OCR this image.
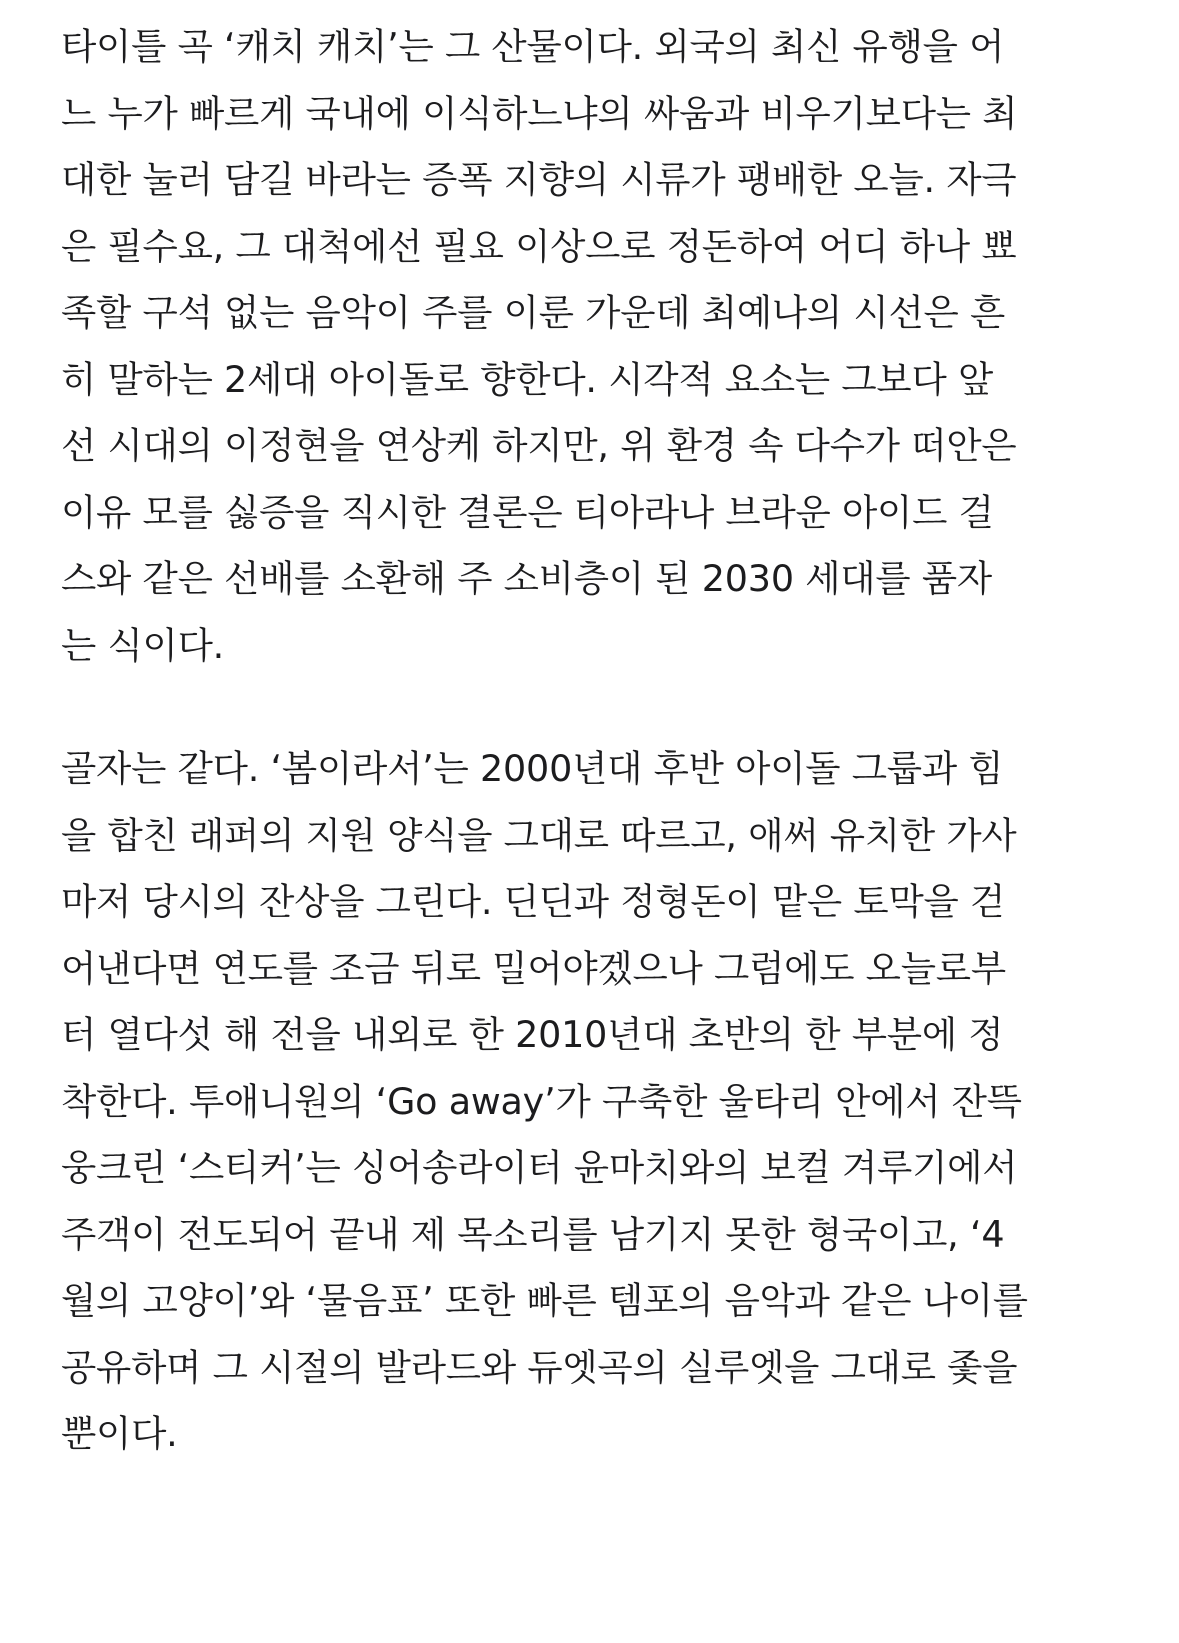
타이틀 곡 ‘캐치 캐치’는 그 산물이다. 외국의 최신 유행을 어
느 누가 빠르게 국내에 이식하느냐의 싸움과 비우기보다는 최
대한 눌러 담길 바라는 증폭 지향의 시류가 팽배한 오늘. 자극
은 필수요, 그 대척에선 필요 이상으로 정돈하여 어디 하나 뾰
족할 구석 없는 음악이 주를 이룬 가운데 최예나의 시선은 흔
히 말하는 2세대 아이돌로 향한다. 시각적 요소는 그보다 앞
선 시대의 이정현을 연상케 하지만, 위 환경 속 다수가 떠안은
이유 모를 싫증을 직시한 결론은 티아라나 브라운 아이드 걸
스와 같은 선배를 소환해 주 소비층이 된 2030 세대를 품자
는 식이다.

골자는 같다. ‘봄이라서’는 2000년대 후반 아이돌 그룹과 힘
을 합친 래퍼의 지원 양식을 그대로 따르고, 애써 유치한 가사
마저 당시의 잔상을 그린다. 딘딘과 정형돈이 맡은 토막을 걷
어낸다면 연도를 조금 뒤로 밀어야겠으나 그럼에도 오늘로부
터 열다섯 해 전을 내외로 한 2010년대 초반의 한 부분에 정
착한다. 투애니원의 ‘Go away’가 구축한 울타리 안에서 잔뜩
웅크린 ‘스티커’는 싱어송라이터 윤마치와의 보컬 겨루기에서
주객이 전도되어 끝내 제 목소리를 남기지 못한 형국이고, ‘4
월의 고양이’와 ‘물음표’ 또한 빠른 템포의 음악과 같은 나이를
공유하며 그 시절의 발라드와 듀엣곡의 실루엣을 그대로 좇을
뿐이다.
